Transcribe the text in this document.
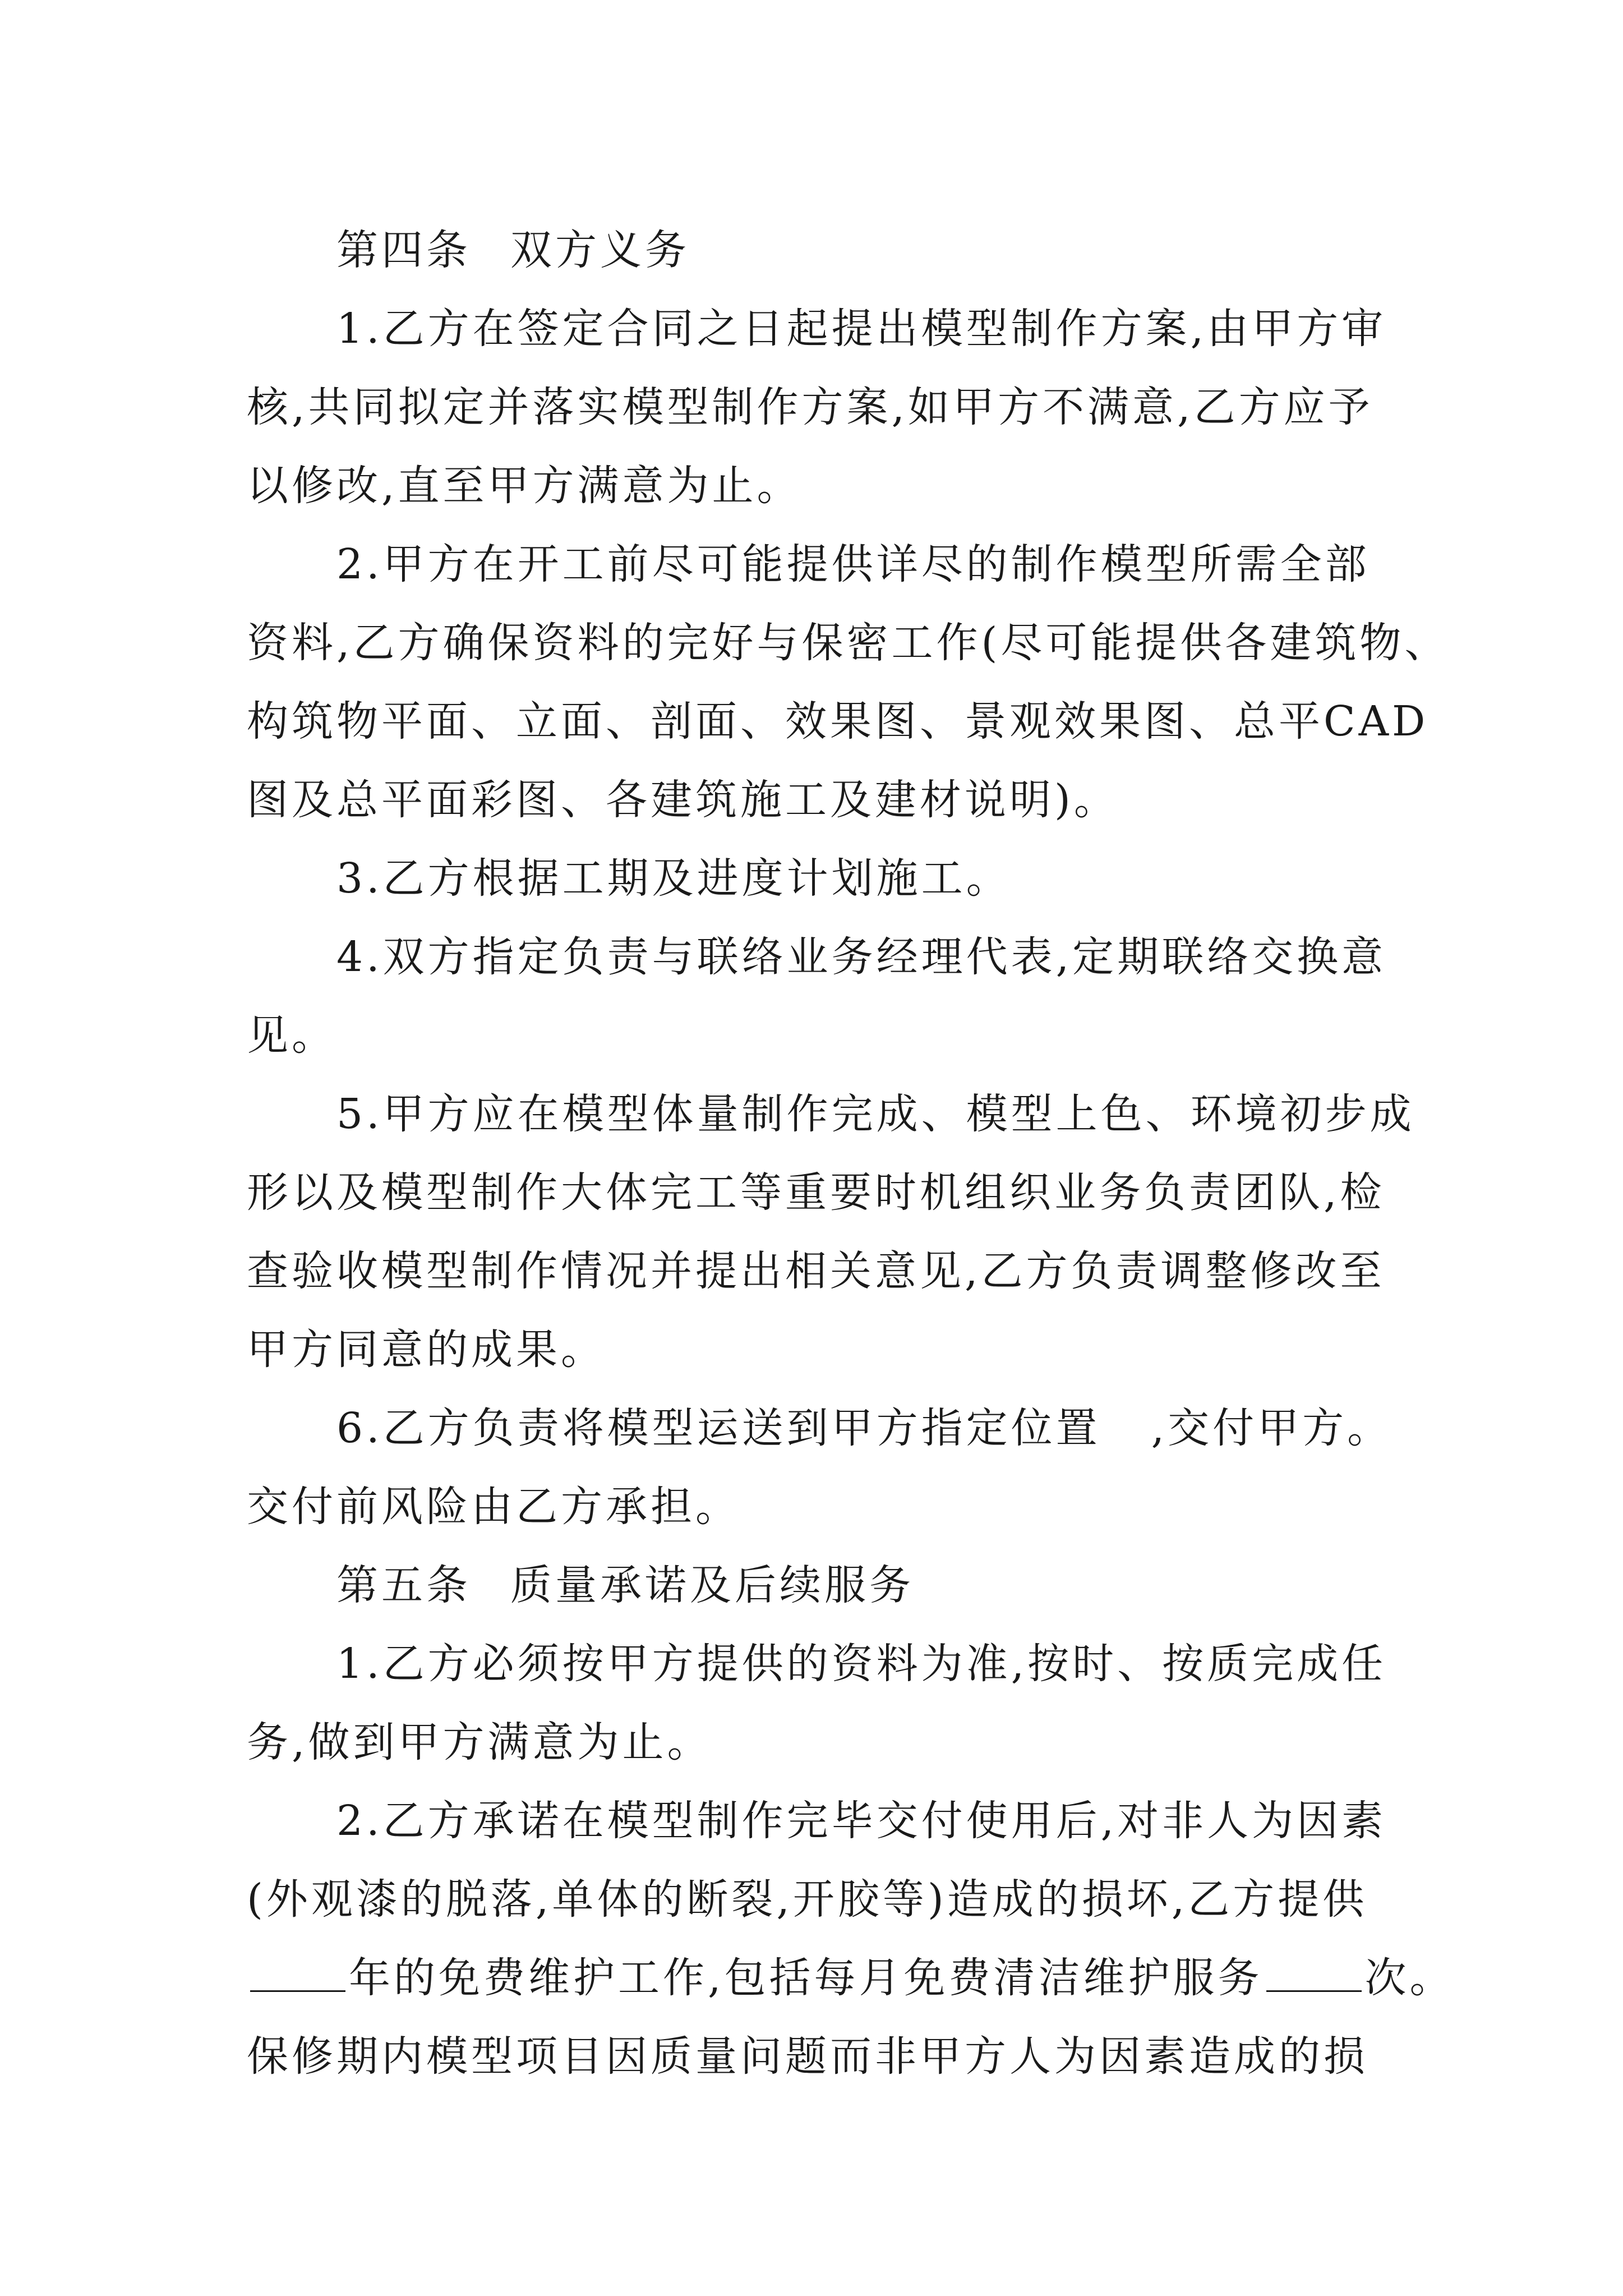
第四条 双方义务
1.乙方在签定合同之日起提出模型制作方案,由甲方审
核,共同拟定并落实模型制作方案,如甲方不满意,乙方应予
以修改,直至甲方满意为止。
2.甲方在开工前尽可能提供详尽的制作模型所需全部
资料,乙方确保资料的完好与保密工作(尽可能提供各建筑物、
构筑物平面、立面、剖面、效果图、景观效果图、总平CAD
图及总平面彩图、各建筑施工及建材说明)。
3.乙方根据工期及进度计划施工。
4.双方指定负责与联络业务经理代表,定期联络交换意
见。
5.甲方应在模型体量制作完成、模型上色、环境初步成
形以及模型制作大体完工等重要时机组织业务负责团队,检
查验收模型制作情况并提出相关意见,乙方负责调整修改至
甲方同意的成果。
6.乙方负责将模型运送到甲方指定位置 ,交付甲方。
交付前风险由乙方承担。
第五条 质量承诺及后续服务
1.乙方必须按甲方提供的资料为准,按时、按质完成任
务,做到甲方满意为止。
2.乙方承诺在模型制作完毕交付使用后,对非人为因素
(外观漆的脱落,单体的断裂,开胶等)造成的损坏,乙方提供
年的免费维护工作,包括每月免费清洁维护服务 次。
保修期内模型项目因质量问题而非甲方人为因素造成的损
